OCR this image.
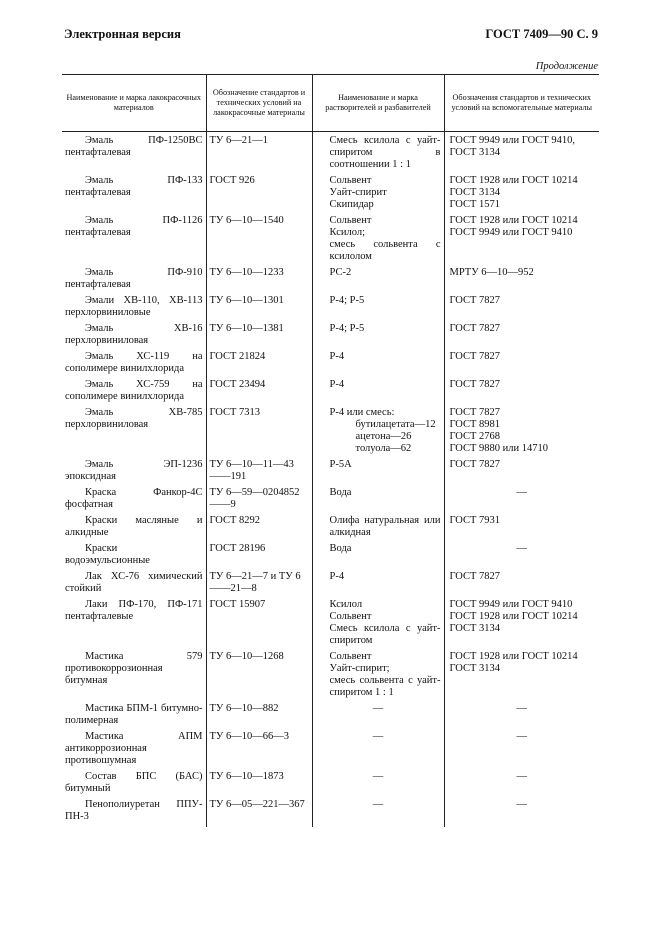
Электронная версия	ГОСТ 7409—90 С. 9
Продолжение
Наименование и марка лакокрасочных материалов	Обозначение стандартов и технических условий на лакокрасочные материалы	Наименование и марка растворителей и разбавителей	Обозначения стандартов и технических условий на вспомогательные материалы

Эмаль ПФ-1250ВС пентафталевая	ТУ 6—21—1	Смесь ксилола с уайт-спиритом в соотношении 1 : 1	ГОСТ 9949 или ГОСТ 9410,
ГОСТ 3134

Эмаль ПФ-133 пентафталевая	ГОСТ 926	Сольвент
Уайт-спирит
Скипидар	ГОСТ 1928 или ГОСТ 10214
ГОСТ 3134
ГОСТ 1571

Эмаль ПФ-1126 пентафталевая	ТУ 6—10—1540	Сольвент
Ксилол;
смесь сольвента с ксилолом	ГОСТ 1928 или ГОСТ 10214
ГОСТ 9949 или ГОСТ 9410

Эмаль ПФ-910 пентафталевая	ТУ 6—10—1233	РС-2	МРТУ 6—10—952

Эмали ХВ-110, ХВ-113 перхлорвиниловые	ТУ 6—10—1301	Р-4; Р-5	ГОСТ 7827

Эмаль ХВ-16 перхлорвиниловая	ТУ 6—10—1381	Р-4; Р-5	ГОСТ 7827

Эмаль ХС-119 на сополимере винилхлорида	ГОСТ 21824	Р-4	ГОСТ 7827

Эмаль ХС-759 на сополимере винилхлорида	ГОСТ 23494	Р-4	ГОСТ 7827

Эмаль ХВ-785 перхлорвиниловая	ГОСТ 7313	Р-4 или смесь:
бутилацетата—12
ацетона—26
толуола—62	ГОСТ 7827
ГОСТ 8981
ГОСТ 2768
ГОСТ 9880 или 14710

Эмаль ЭП-1236 эпоксидная	ТУ 6—10—11—43——191	Р-5А	ГОСТ 7827

Краска Фанкор-4С фосфатная	ТУ 6—59—0204852——9	Вода	—

Краски масляные и алкидные	ГОСТ 8292	Олифа натуральная или алкидная	ГОСТ 7931

Краски водоэмульсионные	ГОСТ 28196	Вода	—

Лак ХС-76 химический стойкий	ТУ 6—21—7 и ТУ 6——21—8	Р-4	ГОСТ 7827

Лаки ПФ-170, ПФ-171 пентафталевые	ГОСТ 15907	Ксилол
Сольвент
Смесь ксилола с уайт-спиритом	ГОСТ 9949 или ГОСТ 9410
ГОСТ 1928 или ГОСТ 10214
ГОСТ 3134

Мастика 579 противокоррозионная битумная	ТУ 6—10—1268	Сольвент
Уайт-спирит;
смесь сольвента с уайт-спиритом 1 : 1	ГОСТ 1928 или ГОСТ 10214
ГОСТ 3134

Мастика БПМ-1 битумно-полимерная	ТУ 6—10—882	—	—

Мастика АПМ антикоррозионная противошумная	ТУ 6—10—66—3	—	—

Состав БПС (БАС) битумный	ТУ 6—10—1873	—	—

Пенополиуретан ППУ-ПН-3	ТУ 6—05—221—367	—	—
